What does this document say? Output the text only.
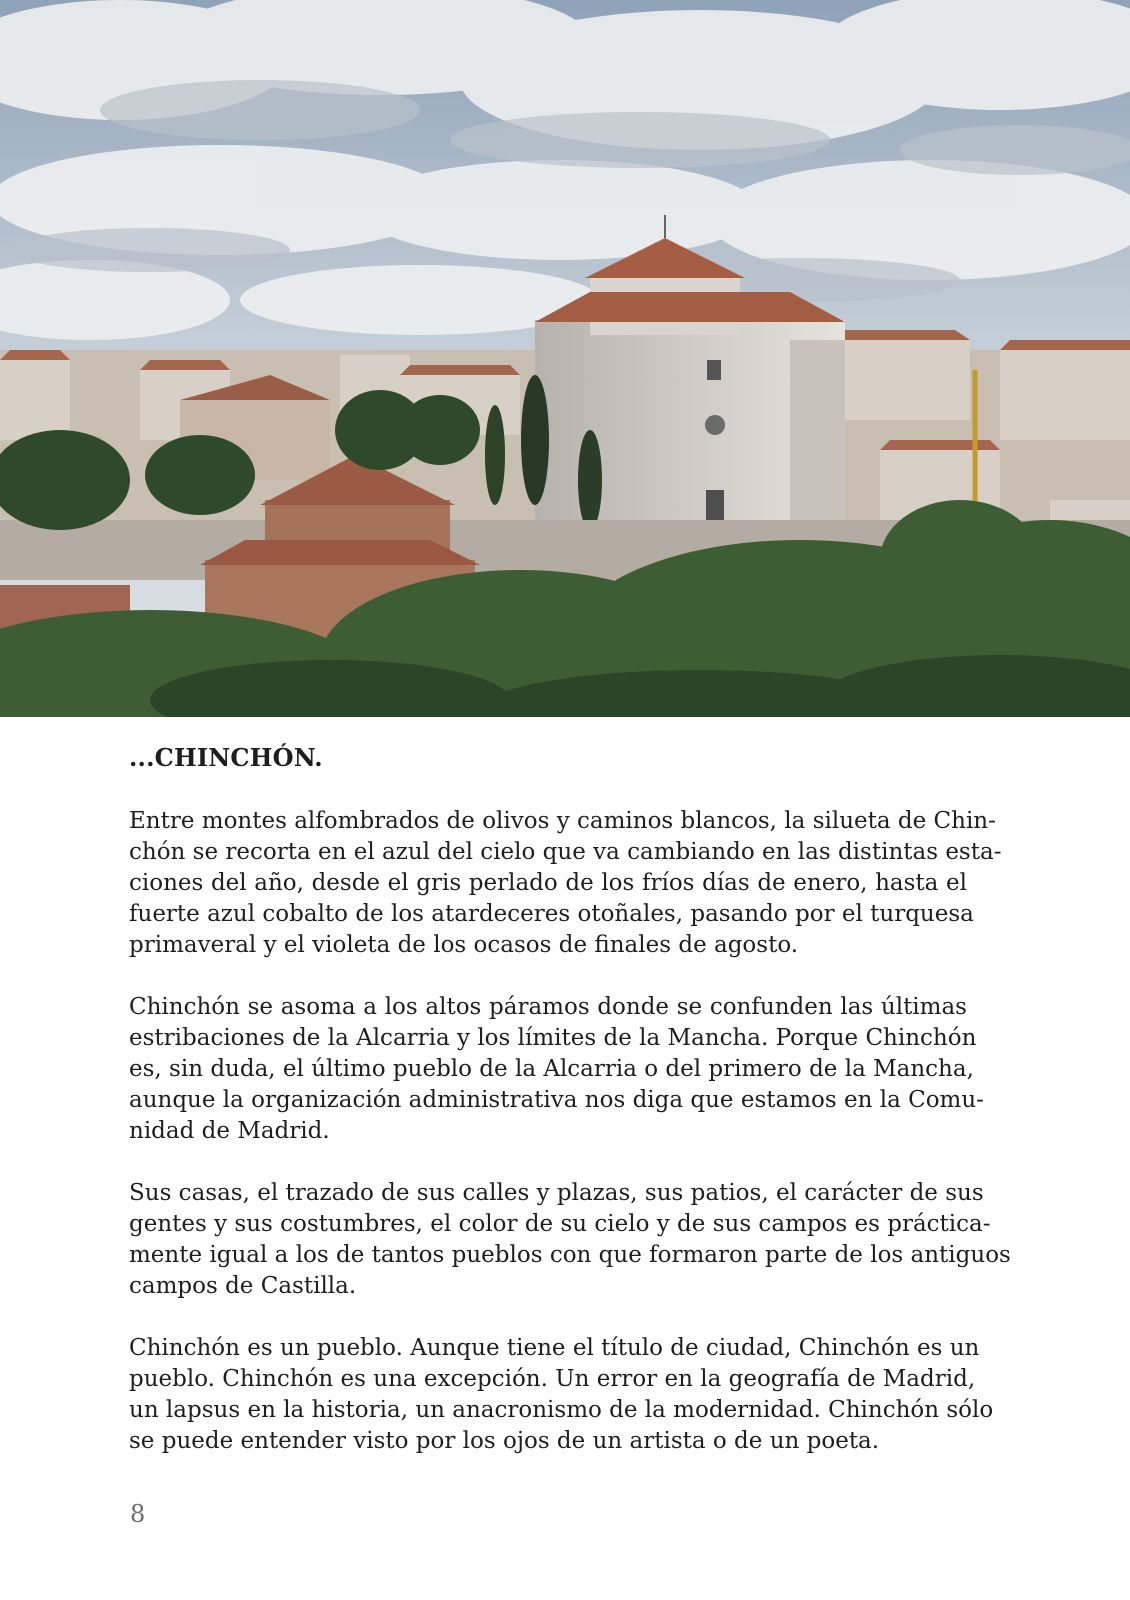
...CHINCHÓN.

Entre montes alfombrados de olivos y caminos blancos, la silueta de Chin-
chón se recorta en el azul del cielo que va cambiando en las distintas esta-
ciones del año, desde el gris perlado de los fríos días de enero, hasta el
fuerte azul cobalto de los atardeceres otoñales, pasando por el turquesa
primaveral y el violeta de los ocasos de finales de agosto.

Chinchón se asoma a los altos páramos donde se confunden las últimas
estribaciones de la Alcarria y los límites de la Mancha. Porque Chinchón
es, sin duda, el último pueblo de la Alcarria o del primero de la Mancha,
aunque la organización administrativa nos diga que estamos en la Comu-
nidad de Madrid.

Sus casas, el trazado de sus calles y plazas, sus patios, el carácter de sus
gentes y sus costumbres, el color de su cielo y de sus campos es práctica-
mente igual a los de tantos pueblos con que formaron parte de los antiguos
campos de Castilla.

Chinchón es un pueblo. Aunque tiene el título de ciudad, Chinchón es un
pueblo. Chinchón es una excepción. Un error en la geografía de Madrid,
un lapsus en la historia, un anacronismo de la modernidad. Chinchón sólo
se puede entender visto por los ojos de un artista o de un poeta.

8
